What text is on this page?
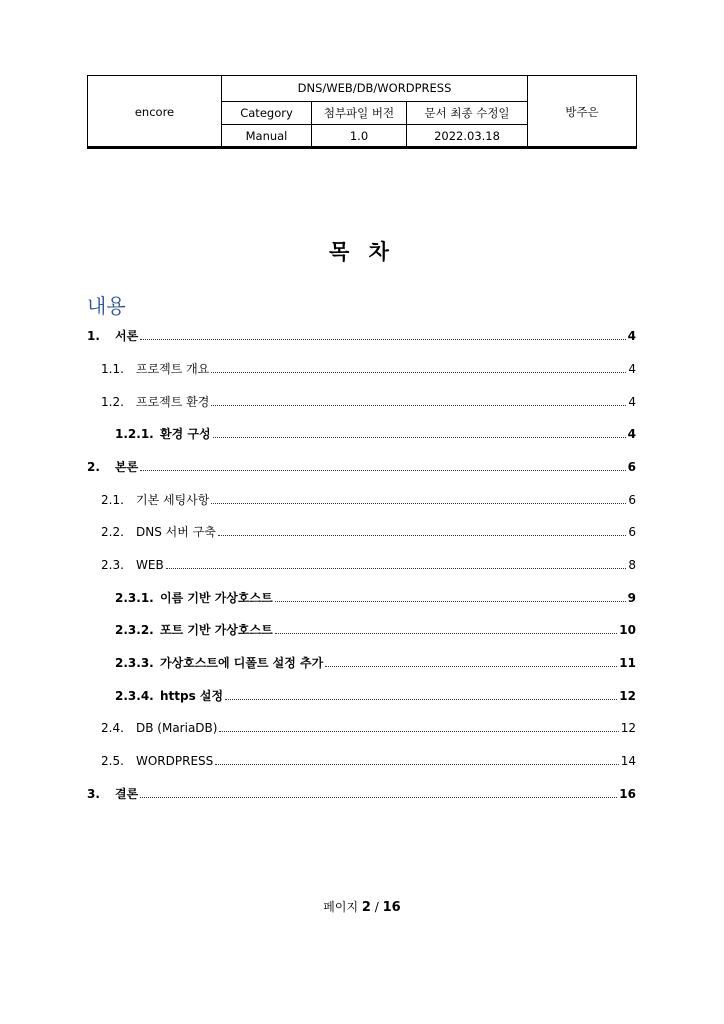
encore	DNS/WEB/DB/WORDPRESS			방주은
	Category	첨부파일 버전	문서 최종 수정일	
	Manual	1.0	2022.03.18	
목 차
내용
1.	서론	4
1.1.	프로젝트 개요	4
1.2.	프로젝트 환경	4
1.2.1. 환경 구성	4
2.	본론	6
2.1.	기본 세팅사항	6
2.2.	DNS 서버 구축	6
2.3.	WEB	8
2.3.1. 이름 기반 가상호스트	9
2.3.2. 포트 기반 가상호스트	10
2.3.3. 가상호스트에 디폴트 설정 추가	11
2.3.4. https 설정	12
2.4.	DB (MariaDB)	12
2.5.	WORDPRESS	14
3.	결론	16
페이지 2 / 16
